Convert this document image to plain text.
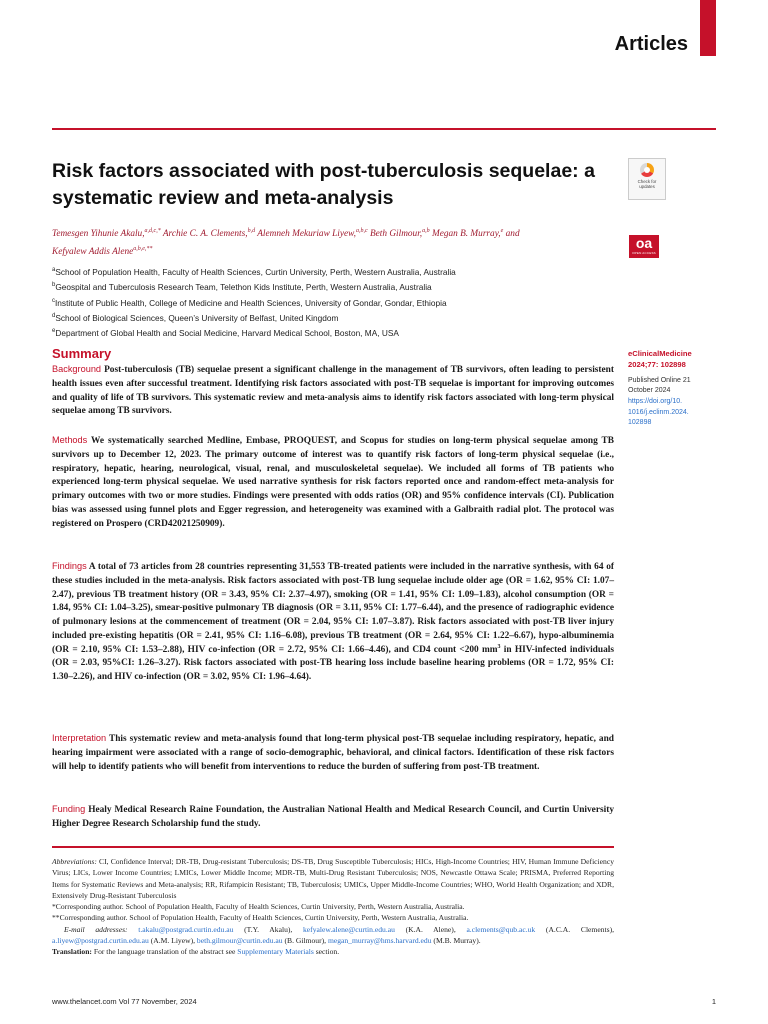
Articles
Risk factors associated with post-tuberculosis sequelae: a systematic review and meta-analysis
Check for
updates
oa
OPEN ACCESS

Temesgen Yihunie Akalu,$^{a,d,c,*}$ Archie C. A. Clements,$^{b,d}$ Alemneh Mekuriaw Liyew,$^{a,b,c}$ Beth Gilmour,$^{a,b}$ Megan B. Murray,$^e$ and
Kefyalew Addis Alene$^{a,b,e,**}$

$^a$School of Population Health, Faculty of Health Sciences, Curtin University, Perth, Western Australia, Australia

$^b$Geospital and Tuberculosis Research Team, Telethon Kids Institute, Perth, Western Australia, Australia

$^c$Institute of Public Health, College of Medicine and Health Sciences, University of Gondar, Gondar, Ethiopia

$^d$School of Biological Sciences, Queen’s University of Belfast, United Kingdom

$^e$Department of Global Health and Social Medicine, Harvard Medical School, Boston, MA, USA

Summary

Background Post-tuberculosis (TB) sequelae present a significant challenge in the management of TB survivors, often leading to persistent health issues even after successful treatment. Identifying risk factors associated with post-TB sequelae is important for improving outcomes and quality of life of TB survivors. This systematic review and meta-analysis aims to identify risk factors associated with long-term physical sequelae among TB survivors.

Methods We systematically searched Medline, Embase, PROQUEST, and Scopus for studies on long-term physical sequelae among TB survivors up to December 12, 2023. The primary outcome of interest was to quantify risk factors of long-term physical sequelae (i.e., respiratory, hepatic, hearing, neurological, visual, renal, and musculoskeletal sequelae). We included all forms of TB patients who experienced long-term physical sequelae. We used narrative synthesis for risk factors reported once and random-effect meta-analysis for primary outcomes with two or more studies. Findings were presented with odds ratios (OR) and 95% confidence intervals (CI). Publication bias was assessed using funnel plots and Egger regression, and heterogeneity was examined with a Galbraith radial plot. The protocol was registered on Prospero (CRD42021250909).

Findings A total of 73 articles from 28 countries representing 31,553 TB-treated patients were included in the narrative synthesis, with 64 of these studies included in the meta-analysis. Risk factors associated with post-TB lung sequelae include older age (OR = 1.62, 95% CI: 1.07–2.47), previous TB treatment history (OR = 3.43, 95% CI: 2.37–4.97), smoking (OR = 1.41, 95% CI: 1.09–1.83), alcohol consumption (OR = 1.84, 95% CI: 1.04–3.25), smear-positive pulmonary TB diagnosis (OR = 3.11, 95% CI: 1.77–6.44), and the presence of radiographic evidence of pulmonary lesions at the commencement of treatment (OR = 2.04, 95% CI: 1.07–3.87). Risk factors associated with post-TB liver injury included pre-existing hepatitis (OR = 2.41, 95% CI: 1.16–6.08), previous TB treatment (OR = 2.64, 95% CI: 1.22–6.67), hypo-albuminemia (OR = 2.10, 95% CI: 1.53–2.88), HIV co-infection (OR = 2.72, 95% CI: 1.66–4.46), and CD4 count <200 $mm^3$ in HIV-infected individuals (OR = 2.03, 95%CI: 1.26–3.27). Risk factors associated with post-TB hearing loss include baseline hearing problems (OR = 1.72, 95% CI: 1.30–2.26), and HIV co-infection (OR = 3.02, 95% CI: 1.96–4.64).

Interpretation This systematic review and meta-analysis found that long-term physical post-TB sequelae including respiratory, hepatic, and hearing impairment were associated with a range of socio-demographic, behavioral, and clinical factors. Identification of these risk factors will help to identify patients who will benefit from interventions to reduce the burden of suffering from post-TB treatment.

Funding Healy Medical Research Raine Foundation, the Australian National Health and Medical Research Council, and Curtin University Higher Degree Research Scholarship fund the study.

eClinicalMedicine

2024;77: 102898

Published Online 21
October 2024

https://doi.org/10.
1016/j.eclinm.2024.
102898

Abbreviations: CI, Confidence Interval; DR-TB, Drug-resistant Tuberculosis; DS-TB, Drug Susceptible Tuberculosis; HICs, High-Income Countries; HIV, Human Immune Deficiency Virus; LICs, Lower Income Countries; LMICs, Lower Middle Income; MDR-TB, Multi-Drug Resistant Tuberculosis; NOS, Newcastle Ottawa Scale; PRISMA, Preferred Reporting Items for Systematic Reviews and Meta-analysis; RR, Rifampicin Resistant; TB, Tuberculosis; UMICs, Upper Middle-Income Countries; WHO, World Health Organization; and XDR, Extensively Drug-Resistant Tuberculosis

*Corresponding author. School of Population Health, Faculty of Health Sciences, Curtin University, Perth, Western Australia, Australia.

**Corresponding author. School of Population Health, Faculty of Health Sciences, Curtin University, Perth, Western Australia, Australia.

E-mail addresses: t.akalu@postgrad.curtin.edu.au (T.Y. Akalu), kefyalew.alene@curtin.edu.au (K.A. Alene), a.clements@qub.ac.uk (A.C.A. Clements), a.liyew@postgrad.curtin.edu.au (A.M. Liyew), beth.gilmour@curtin.edu.au (B. Gilmour), megan_murray@hms.harvard.edu (M.B. Murray).

Translation: For the language translation of the abstract see Supplementary Materials section.

www.thelancet.com Vol 77 November, 2024	1
